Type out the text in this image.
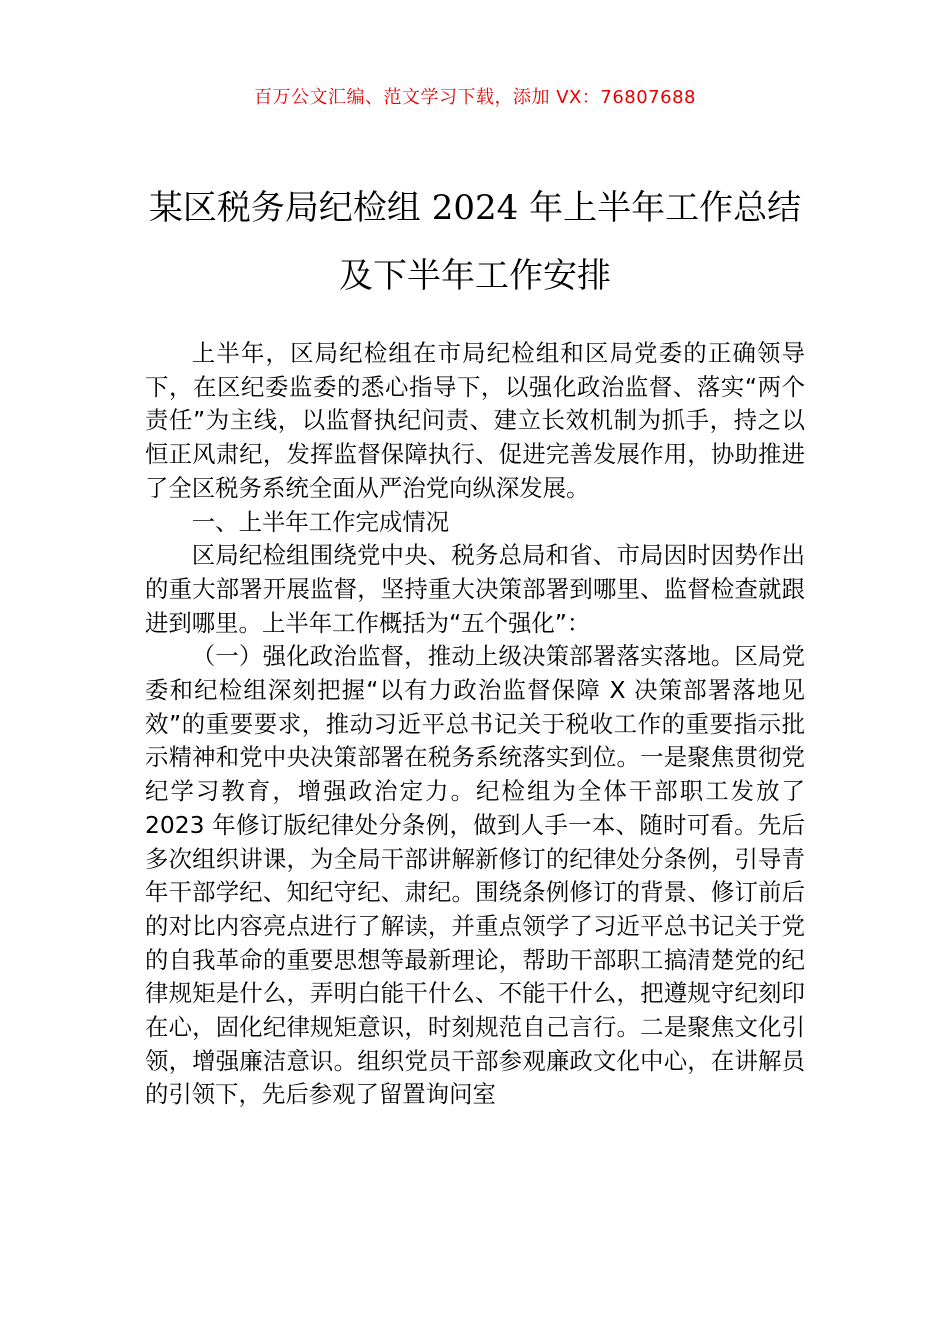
百万公文汇编、范文学习下载，添加 VX：76807688
某区税务局纪检组 2024 年上半年工作总结
及下半年工作安排

上半年，区局纪检组在市局纪检组和区局党委的正确领导下，在区纪委监委的悉心指导下，以强化政治监督、落实“两个责任”为主线，以监督执纪问责、建立长效机制为抓手，持之以恒正风肃纪，发挥监督保障执行、促进完善发展作用，协助推进了全区税务系统全面从严治党向纵深发展。

一、上半年工作完成情况

区局纪检组围绕党中央、税务总局和省、市局因时因势作出的重大部署开展监督，坚持重大决策部署到哪里、监督检查就跟进到哪里。上半年工作概括为“五个强化”：

（一）强化政治监督，推动上级决策部署落实落地。区局党委和纪检组深刻把握“以有力政治监督保障 X 决策部署落地见效”的重要要求，推动习近平总书记关于税收工作的重要指示批示精神和党中央决策部署在税务系统落实到位。一是聚焦贯彻党纪学习教育，增强政治定力。纪检组为全体干部职工发放了 2023 年修订版纪律处分条例，做到人手一本、随时可看。先后多次组织讲课，为全局干部讲解新修订的纪律处分条例，引导青年干部学纪、知纪守纪、肃纪。围绕条例修订的背景、修订前后的对比内容亮点进行了解读，并重点领学了习近平总书记关于党的自我革命的重要思想等最新理论，帮助干部职工搞清楚党的纪律规矩是什么，弄明白能干什么、不能干什么，把遵规守纪刻印在心，固化纪律规矩意识，时刻规范自己言行。二是聚焦文化引领，增强廉洁意识。组织党员干部参观廉政文化中心，在讲解员的引领下，先后参观了留置询问室
